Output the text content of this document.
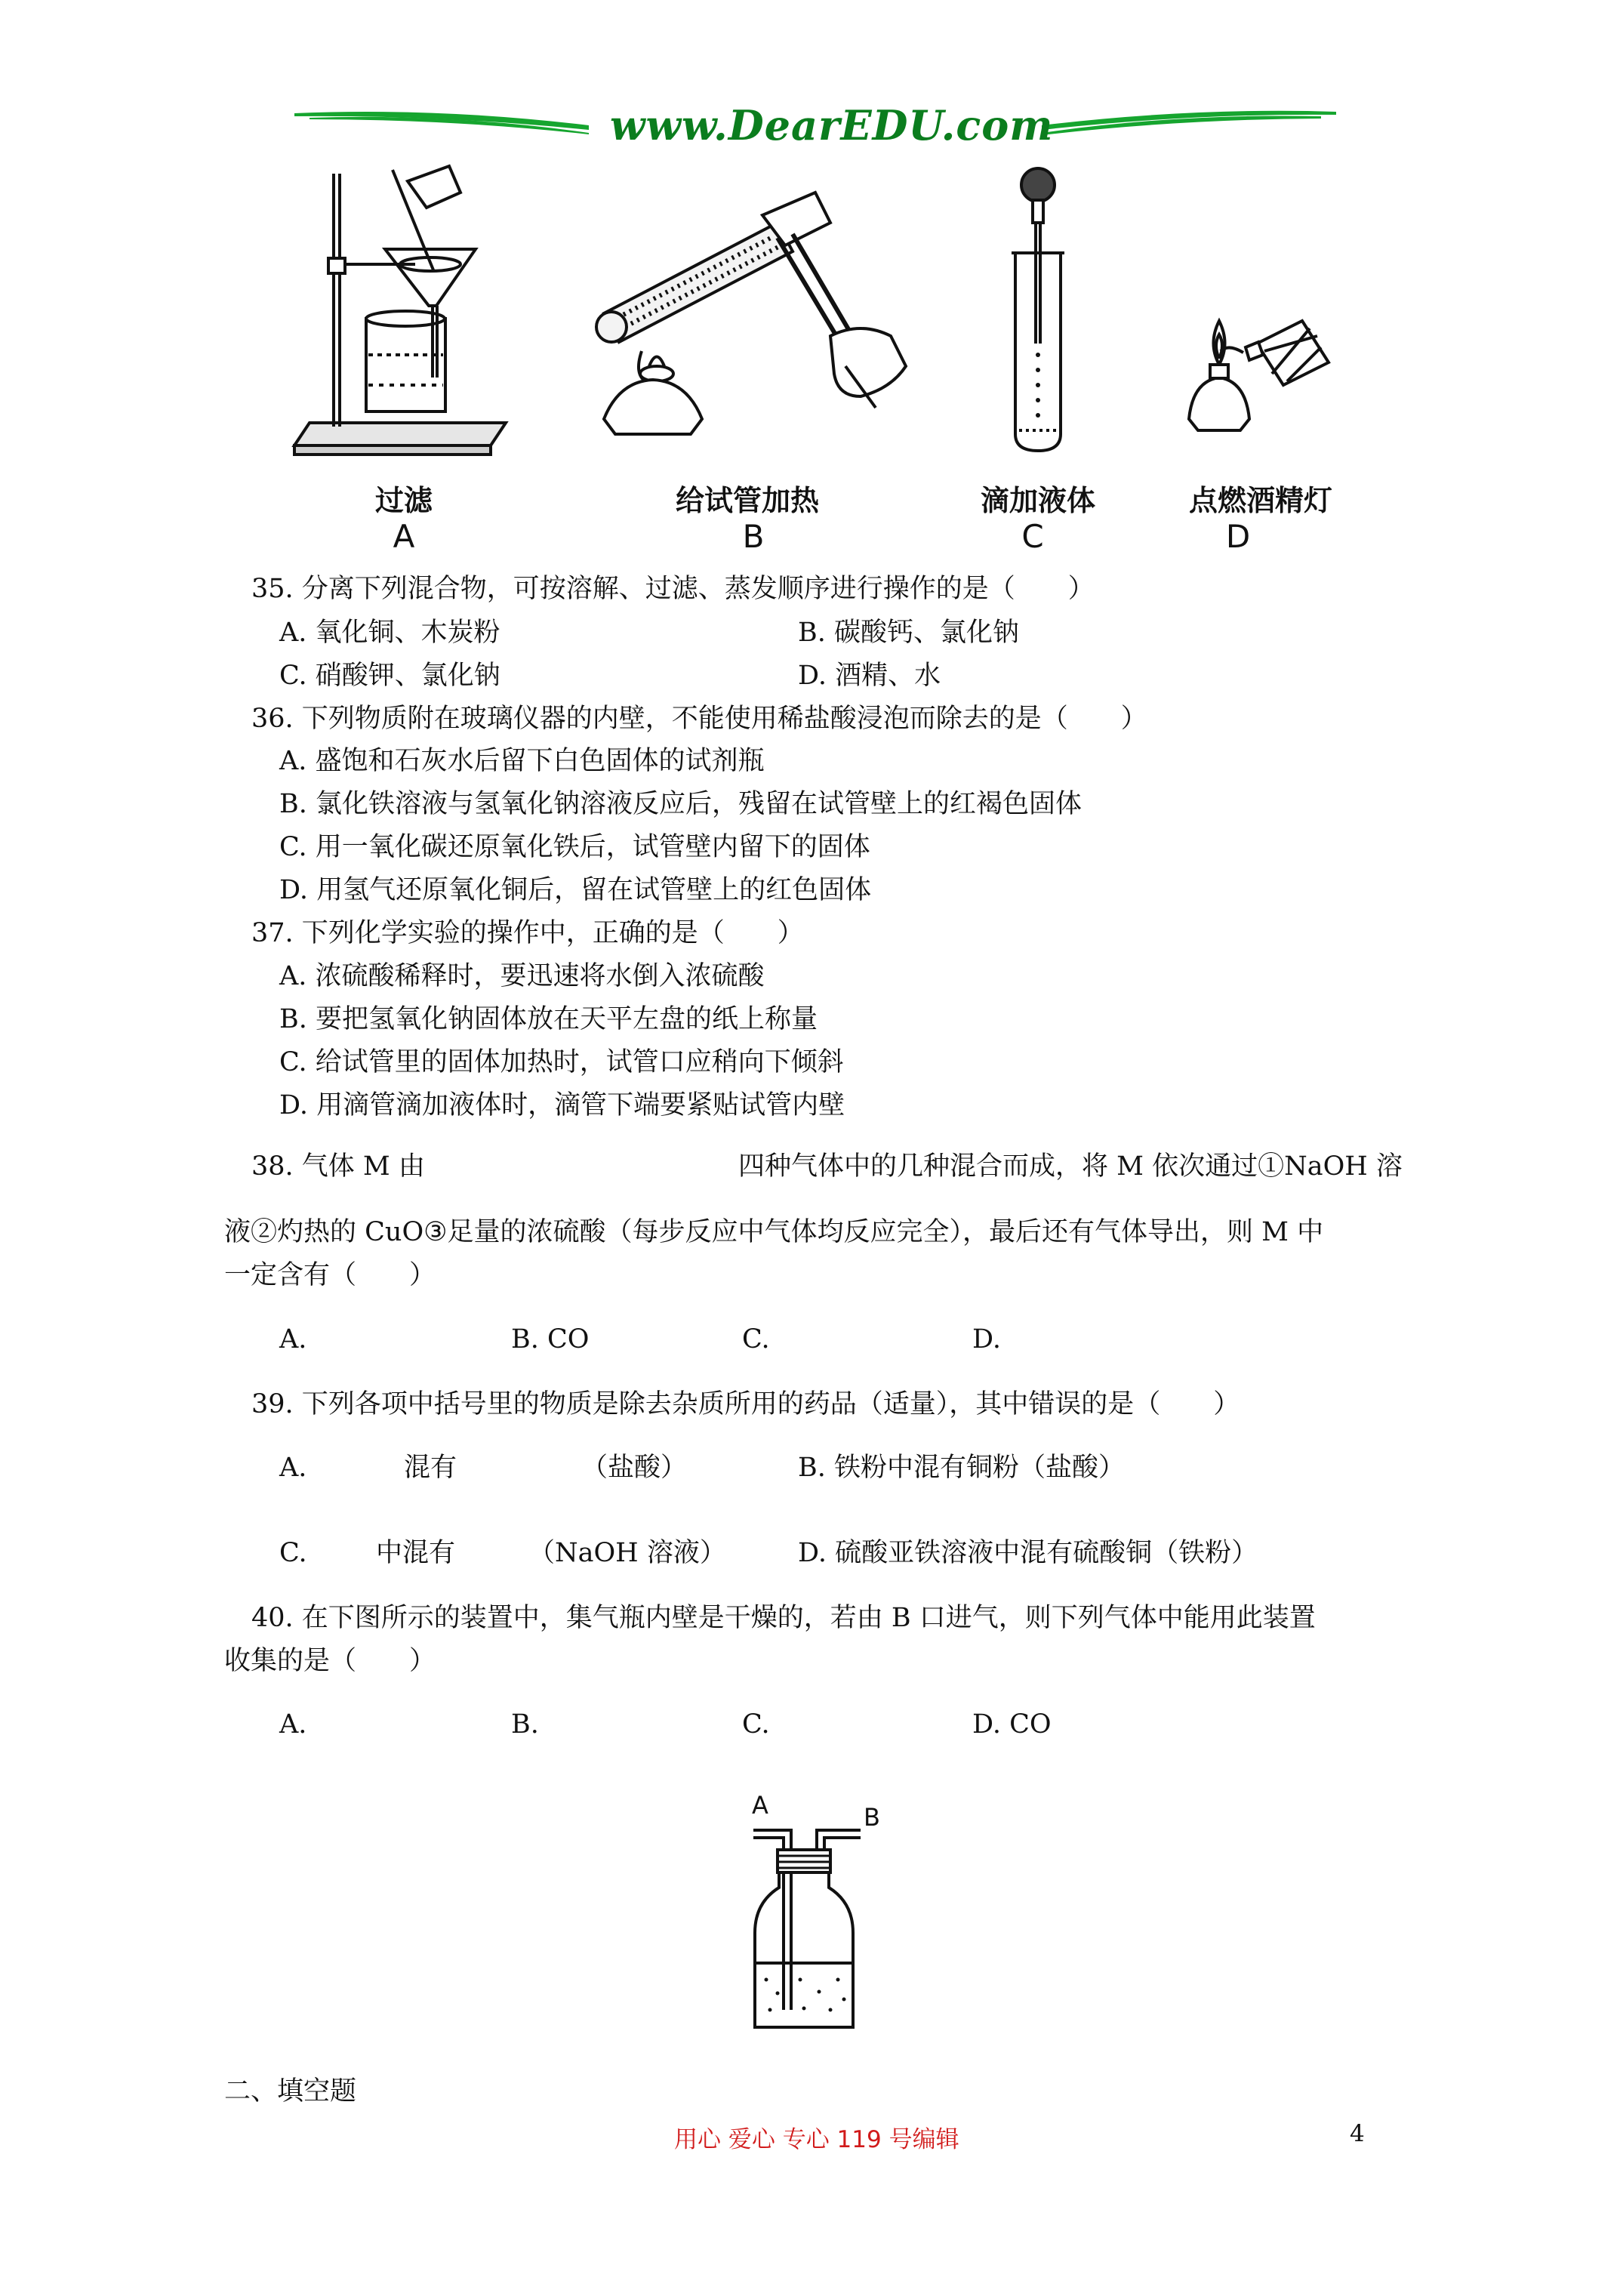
www.DearEDU.com
过滤
A
给试管加热
B
滴加液体
C
点燃酒精灯
D
35. 分离下列混合物，可按溶解、过滤、蒸发顺序进行操作的是（　　）
A. 氧化铜、木炭粉	B. 碳酸钙、氯化钠
C. 硝酸钾、氯化钠	D. 酒精、水
36. 下列物质附在玻璃仪器的内壁，不能使用稀盐酸浸泡而除去的是（　　）
A. 盛饱和石灰水后留下白色固体的试剂瓶
B. 氯化铁溶液与氢氧化钠溶液反应后，残留在试管壁上的红褐色固体
C. 用一氧化碳还原氧化铁后，试管壁内留下的固体
D. 用氢气还原氧化铜后，留在试管壁上的红色固体
37. 下列化学实验的操作中，正确的是（　　）
A. 浓硫酸稀释时，要迅速将水倒入浓硫酸
B. 要把氢氧化钠固体放在天平左盘的纸上称量
C. 给试管里的固体加热时，试管口应稍向下倾斜
D. 用滴管滴加液体时，滴管下端要紧贴试管内壁
38. 气体 M 由	四种气体中的几种混合而成，将 M 依次通过①NaOH 溶
液②灼热的 CuO③足量的浓硫酸（每步反应中气体均反应完全），最后还有气体导出，则 M 中
一定含有（　　）
A.	B. CO	C.	D.
39. 下列各项中括号里的物质是除去杂质所用的药品（适量），其中错误的是（　　）
A.	混有	（盐酸）	B. 铁粉中混有铜粉（盐酸）
C.	中混有	（NaOH 溶液）	D. 硫酸亚铁溶液中混有硫酸铜（铁粉）
40. 在下图所示的装置中，集气瓶内壁是干燥的，若由 B 口进气，则下列气体中能用此装置
收集的是（　　）
A.	B.	C.	D. CO
A	B
二、填空题
用心 爱心 专心 119 号编辑	4
